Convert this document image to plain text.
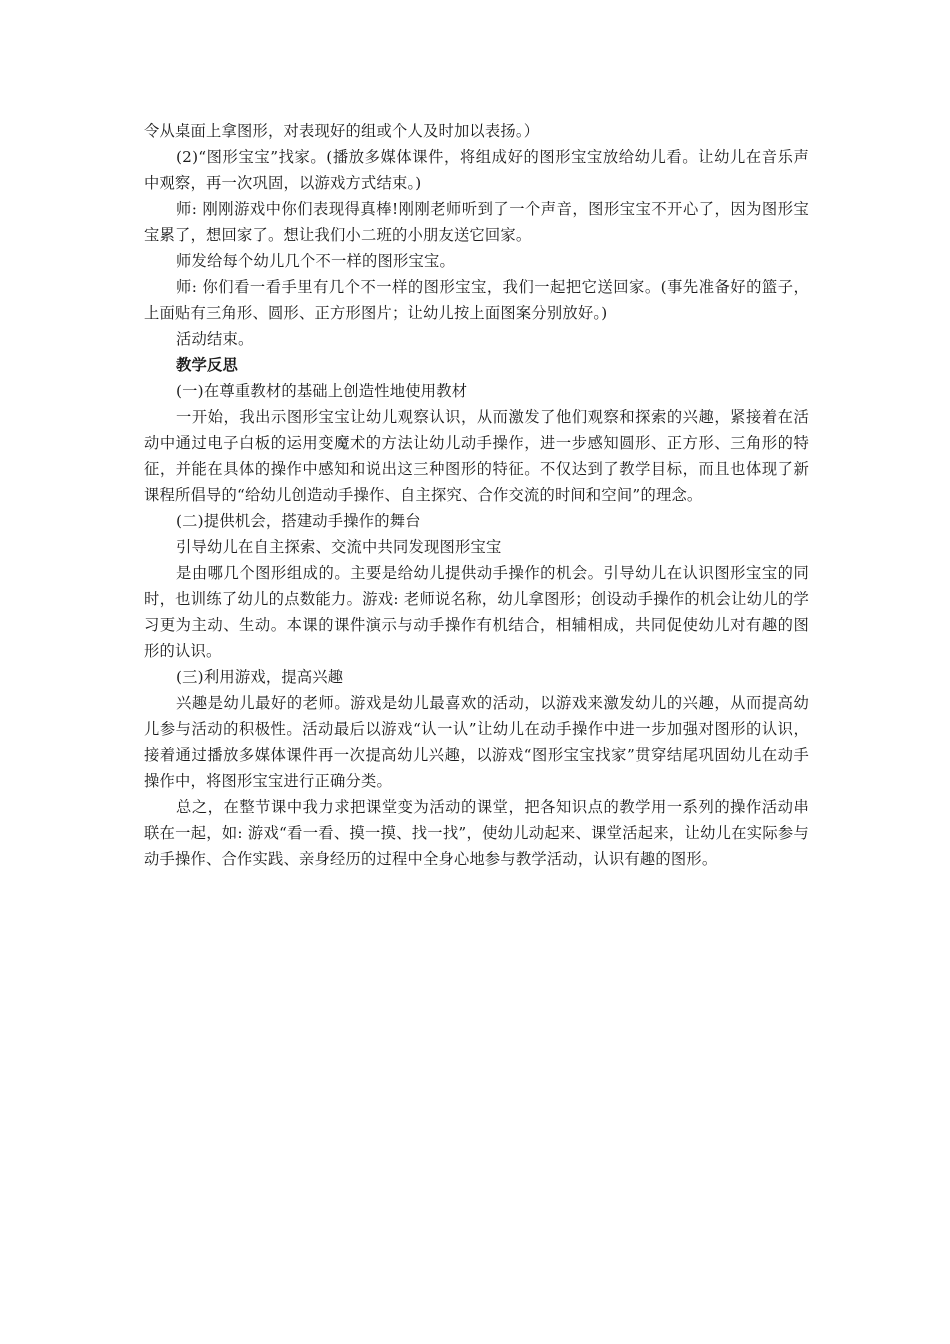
令从桌面上拿图形，对表现好的组或个人及时加以表扬。）

(2)“图形宝宝”找家。(播放多媒体课件，将组成好的图形宝宝放给幼儿看。让幼儿在音乐声中观察，再一次巩固，以游戏方式结束。)

师: 刚刚游戏中你们表现得真棒!刚刚老师听到了一个声音，图形宝宝不开心了，因为图形宝宝累了，想回家了。想让我们小二班的小朋友送它回家。

师发给每个幼儿几个不一样的图形宝宝。

师: 你们看一看手里有几个不一样的图形宝宝，我们一起把它送回家。(事先准备好的篮子，上面贴有三角形、圆形、正方形图片；让幼儿按上面图案分别放好。)

活动结束。

教学反思

(一)在尊重教材的基础上创造性地使用教材

一开始，我出示图形宝宝让幼儿观察认识，从而激发了他们观察和探索的兴趣，紧接着在活动中通过电子白板的运用变魔术的方法让幼儿动手操作，进一步感知圆形、正方形、三角形的特征，并能在具体的操作中感知和说出这三种图形的特征。不仅达到了教学目标，而且也体现了新课程所倡导的“给幼儿创造动手操作、自主探究、合作交流的时间和空间”的理念。

(二)提供机会，搭建动手操作的舞台

引导幼儿在自主探索、交流中共同发现图形宝宝

是由哪几个图形组成的。主要是给幼儿提供动手操作的机会。引导幼儿在认识图形宝宝的同时，也训练了幼儿的点数能力。游戏: 老师说名称，幼儿拿图形；创设动手操作的机会让幼儿的学习更为主动、生动。本课的课件演示与动手操作有机结合，相辅相成，共同促使幼儿对有趣的图形的认识。

(三)利用游戏，提高兴趣

兴趣是幼儿最好的老师。游戏是幼儿最喜欢的活动，以游戏来激发幼儿的兴趣，从而提高幼儿参与活动的积极性。活动最后以游戏“认一认”让幼儿在动手操作中进一步加强对图形的认识，接着通过播放多媒体课件再一次提高幼儿兴趣，以游戏“图形宝宝找家”贯穿结尾巩固幼儿在动手操作中，将图形宝宝进行正确分类。

总之，在整节课中我力求把课堂变为活动的课堂，把各知识点的教学用一系列的操作活动串联在一起，如: 游戏“看一看、摸一摸、找一找”，使幼儿动起来、课堂活起来，让幼儿在实际参与动手操作、合作实践、亲身经历的过程中全身心地参与教学活动，认识有趣的图形。
